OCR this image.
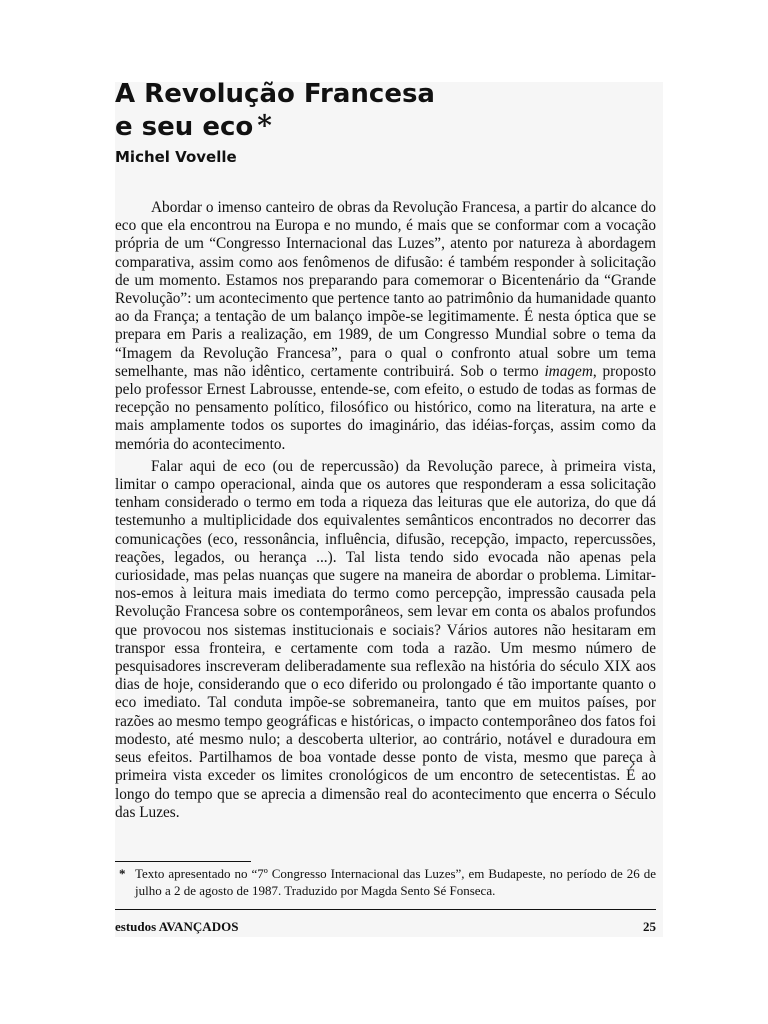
A Revolução Francesa
e seu eco *

Michel Vovelle

Abordar o imenso canteiro de obras da Revolução Francesa, a partir do alcance do eco que ela encontrou na Europa e no mundo, é mais que se conformar com a vocação própria de um “Congresso Internacional das Luzes”, atento por natureza à abordagem comparativa, assim como aos fenômenos de difusão: é também responder à solicitação de um momento. Estamos nos preparando para comemorar o Bicentenário da “Grande Revolução”: um acontecimento que pertence tanto ao patrimônio da humanidade quanto ao da França; a tentação de um balanço impõe-se legitimamente. É nesta óptica que se prepara em Paris a realização, em 1989, de um Congresso Mundial sobre o tema da “Imagem da Revolução Francesa”, para o qual o confronto atual sobre um tema semelhante, mas não idêntico, certamente contribuirá. Sob o termo imagem, proposto pelo professor Ernest Labrousse, entende-se, com efeito, o estudo de todas as formas de recepção no pensamento político, filosófico ou histórico, como na literatura, na arte e mais amplamente todos os suportes do imaginário, das idéias-forças, assim como da memória do acontecimento.

Falar aqui de eco (ou de repercussão) da Revolução parece, à primeira vista, limitar o campo operacional, ainda que os autores que responderam a essa solicitação tenham considerado o termo em toda a riqueza das leituras que ele autoriza, do que dá testemunho a multiplicidade dos equivalentes semânticos encontrados no decorrer das comunicações (eco, ressonância, influência, difusão, recepção, impacto, repercussões, reações, legados, ou herança ...). Tal lista tendo sido evocada não apenas pela curiosidade, mas pelas nuanças que sugere na maneira de abordar o problema. Limitar-nos-emos à leitura mais imediata do termo como percepção, impressão causada pela Revolução Francesa sobre os contemporâneos, sem levar em conta os abalos profundos que provocou nos sistemas institucionais e sociais? Vários autores não hesitaram em transpor essa fronteira, e certamente com toda a razão. Um mesmo número de pesquisadores inscreveram deliberadamente sua reflexão na história do século XIX aos dias de hoje, considerando que o eco diferido ou prolongado é tão importante quanto o eco imediato. Tal conduta impõe-se sobremaneira, tanto que em muitos países, por razões ao mesmo tempo geográficas e históricas, o impacto contemporâneo dos fatos foi modesto, até mesmo nulo; a descoberta ulterior, ao contrário, notável e duradoura em seus efeitos. Partilhamos de boa vontade desse ponto de vista, mesmo que pareça à primeira vista exceder os limites cronológicos de um encontro de setecentistas. É ao longo do tempo que se aprecia a dimensão real do acontecimento que encerra o Século das Luzes.

* Texto apresentado no “7º Congresso Internacional das Luzes”, em Budapeste, no período de 26 de julho a 2 de agosto de 1987. Traduzido por Magda Sento Sé Fonseca.

estudos AVANÇADOS	25
